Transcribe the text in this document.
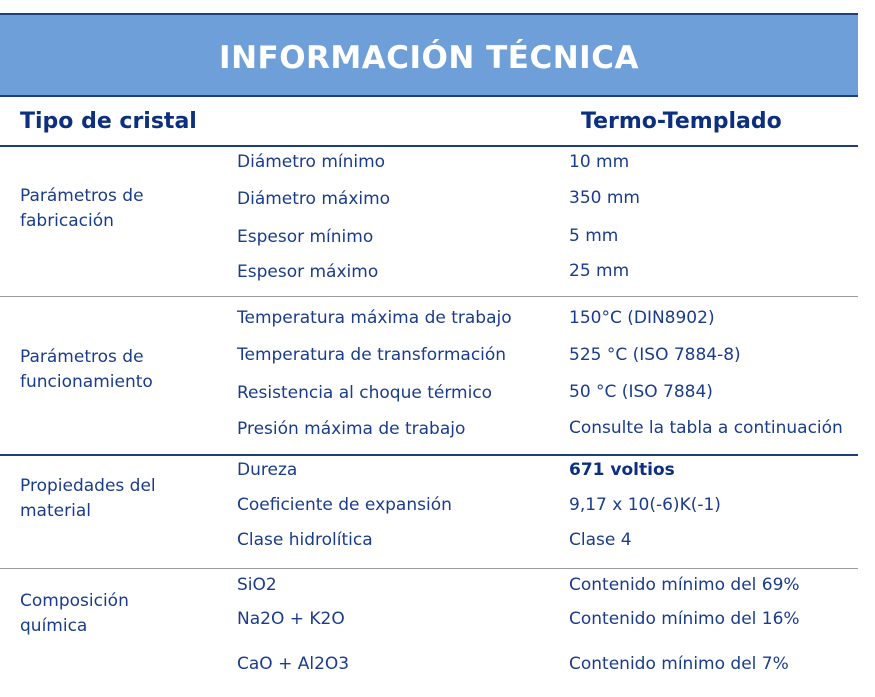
INFORMACIÓN TÉCNICA
Tipo de cristal	Termo-Templado
Parámetros de fabricación
Diámetro mínimo	10 mm
Diámetro máximo	350 mm
Espesor mínimo	5 mm
Espesor máximo	25 mm
Parámetros de funcionamiento
Temperatura máxima de trabajo	150°C (DIN8902)
Temperatura de transformación	525 °C (ISO 7884-8)
Resistencia al choque térmico	50 °C (ISO 7884)
Presión máxima de trabajo	Consulte la tabla a continuación
Propiedades del material
Dureza	671 voltios
Coeficiente de expansión	9,17 x 10(-6)K(-1)
Clase hidrolítica	Clase 4
Composición química
SiO2	Contenido mínimo del 69%
Na2O + K2O	Contenido mínimo del 16%
CaO + Al2O3	Contenido mínimo del 7%
